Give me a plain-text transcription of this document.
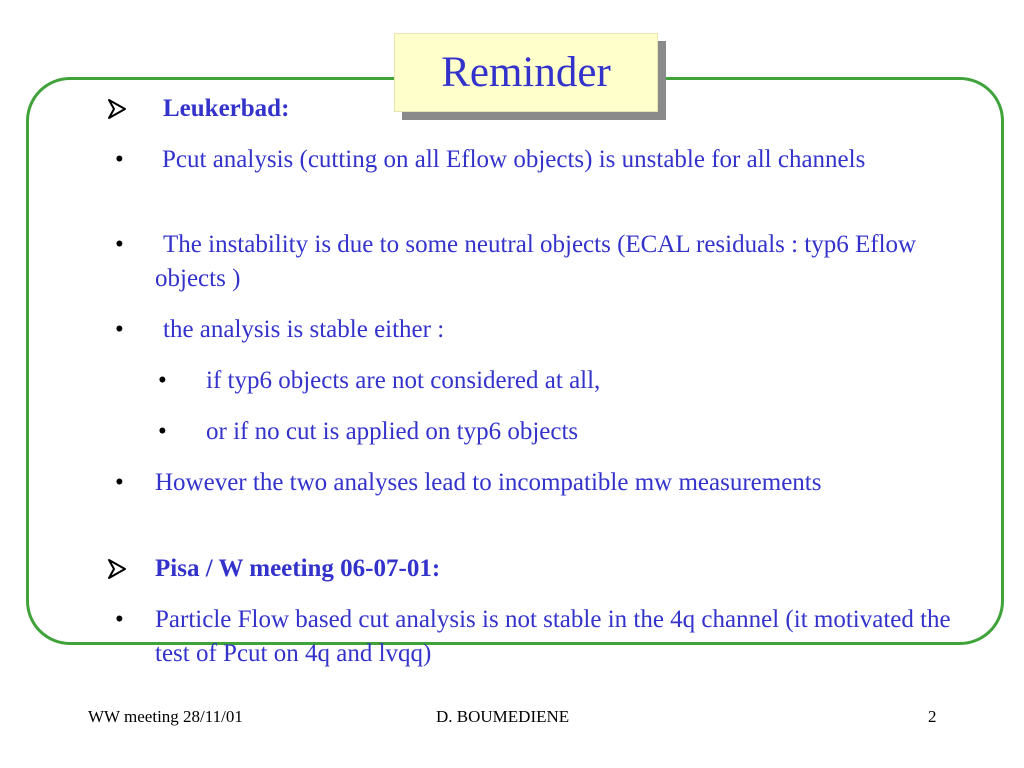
Reminder
Leukerbad:
• Pcut analysis (cutting on all Eflow objects) is unstable for all channels
•	The instability is due to some neutral objects (ECAL residuals : typ6 Eflow objects )
• the analysis is stable either :
• if typ6 objects are not considered at all,
• or if no cut is applied on typ6 objects
• However the two analyses lead to incompatible mw measurements
Pisa / W meeting 06-07-01:
• Particle Flow based cut analysis is not stable in the 4q channel (it motivated the test of Pcut on 4q and lvqq)
WW meeting 28/11/01	D. BOUMEDIENE	2
